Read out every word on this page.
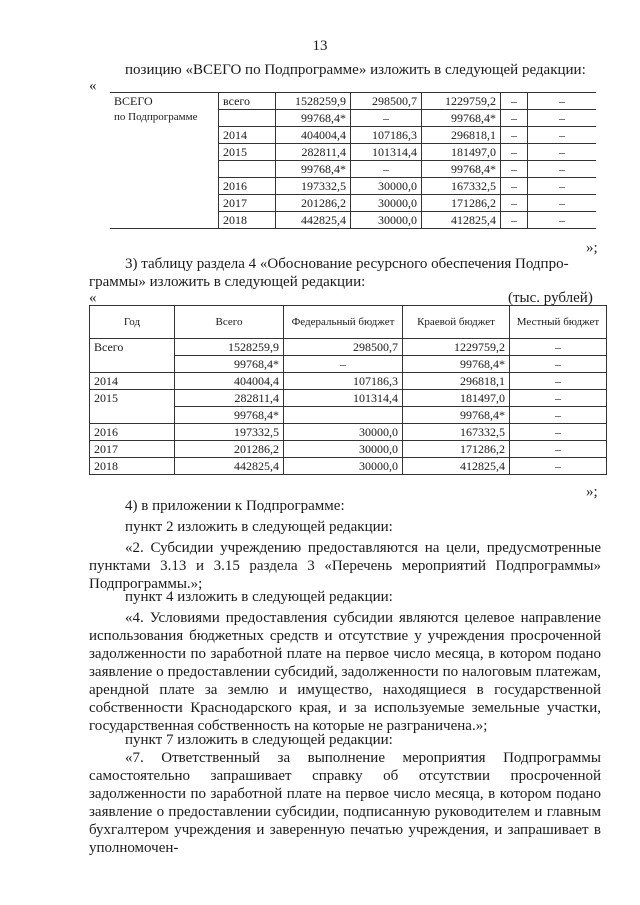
13
позицию «ВСЕГО по Подпрограмме» изложить в следующей редакции:
«
ВСЕГО
по Подпрограмме	всего	1528259,9	298500,7	1229759,2	–	–
		99768,4*	–	99768,4*	–	–
	2014	404004,4	107186,3	296818,1	–	–
	2015	282811,4	101314,4	181497,0	–	–
		99768,4*	–	99768,4*	–	–
	2016	197332,5	30000,0	167332,5	–	–
	2017	201286,2	30000,0	171286,2	–	–
	2018	442825,4	30000,0	412825,4	–	–
»;
3) таблицу раздела 4 «Обоснование ресурсного обеспечения Подпро-
граммы» изложить в следующей редакции:
«	(тыс. рублей)
Год	Всего	Федеральный бюджет	Краевой бюджет	Местный бюджет
Всего	1528259,9	298500,7	1229759,2	–
	99768,4*	–	99768,4*	–
2014	404004,4	107186,3	296818,1	–
2015	282811,4	101314,4	181497,0	–
	99768,4*		99768,4*	–
2016	197332,5	30000,0	167332,5	–
2017	201286,2	30000,0	171286,2	–
2018	442825,4	30000,0	412825,4	–
»;
4) в приложении к Подпрограмме:
пункт 2 изложить в следующей редакции:
«2. Субсидии учреждению предоставляются на цели, предусмотренные пунктами 3.13 и 3.15 раздела 3 «Перечень мероприятий Подпрограммы» Подпрограммы.»;
пункт 4 изложить в следующей редакции:
«4. Условиями предоставления субсидии являются целевое направление использования бюджетных средств и отсутствие у учреждения просроченной задолженности по заработной плате на первое число месяца, в котором подано заявление о предоставлении субсидий, задолженности по налоговым платежам, арендной плате за землю и имущество, находящиеся в государственной собственности Краснодарского края, и за используемые земельные участки, государственная собственность на которые не разграничена.»;
пункт 7 изложить в следующей редакции:
«7. Ответственный за выполнение мероприятия Подпрограммы самостоятельно запрашивает справку об отсутствии просроченной задолженности по заработной плате на первое число месяца, в котором подано заявление о предоставлении субсидии, подписанную руководителем и главным бухгалтером учреждения и заверенную печатью учреждения, и запрашивает в уполномочен-
